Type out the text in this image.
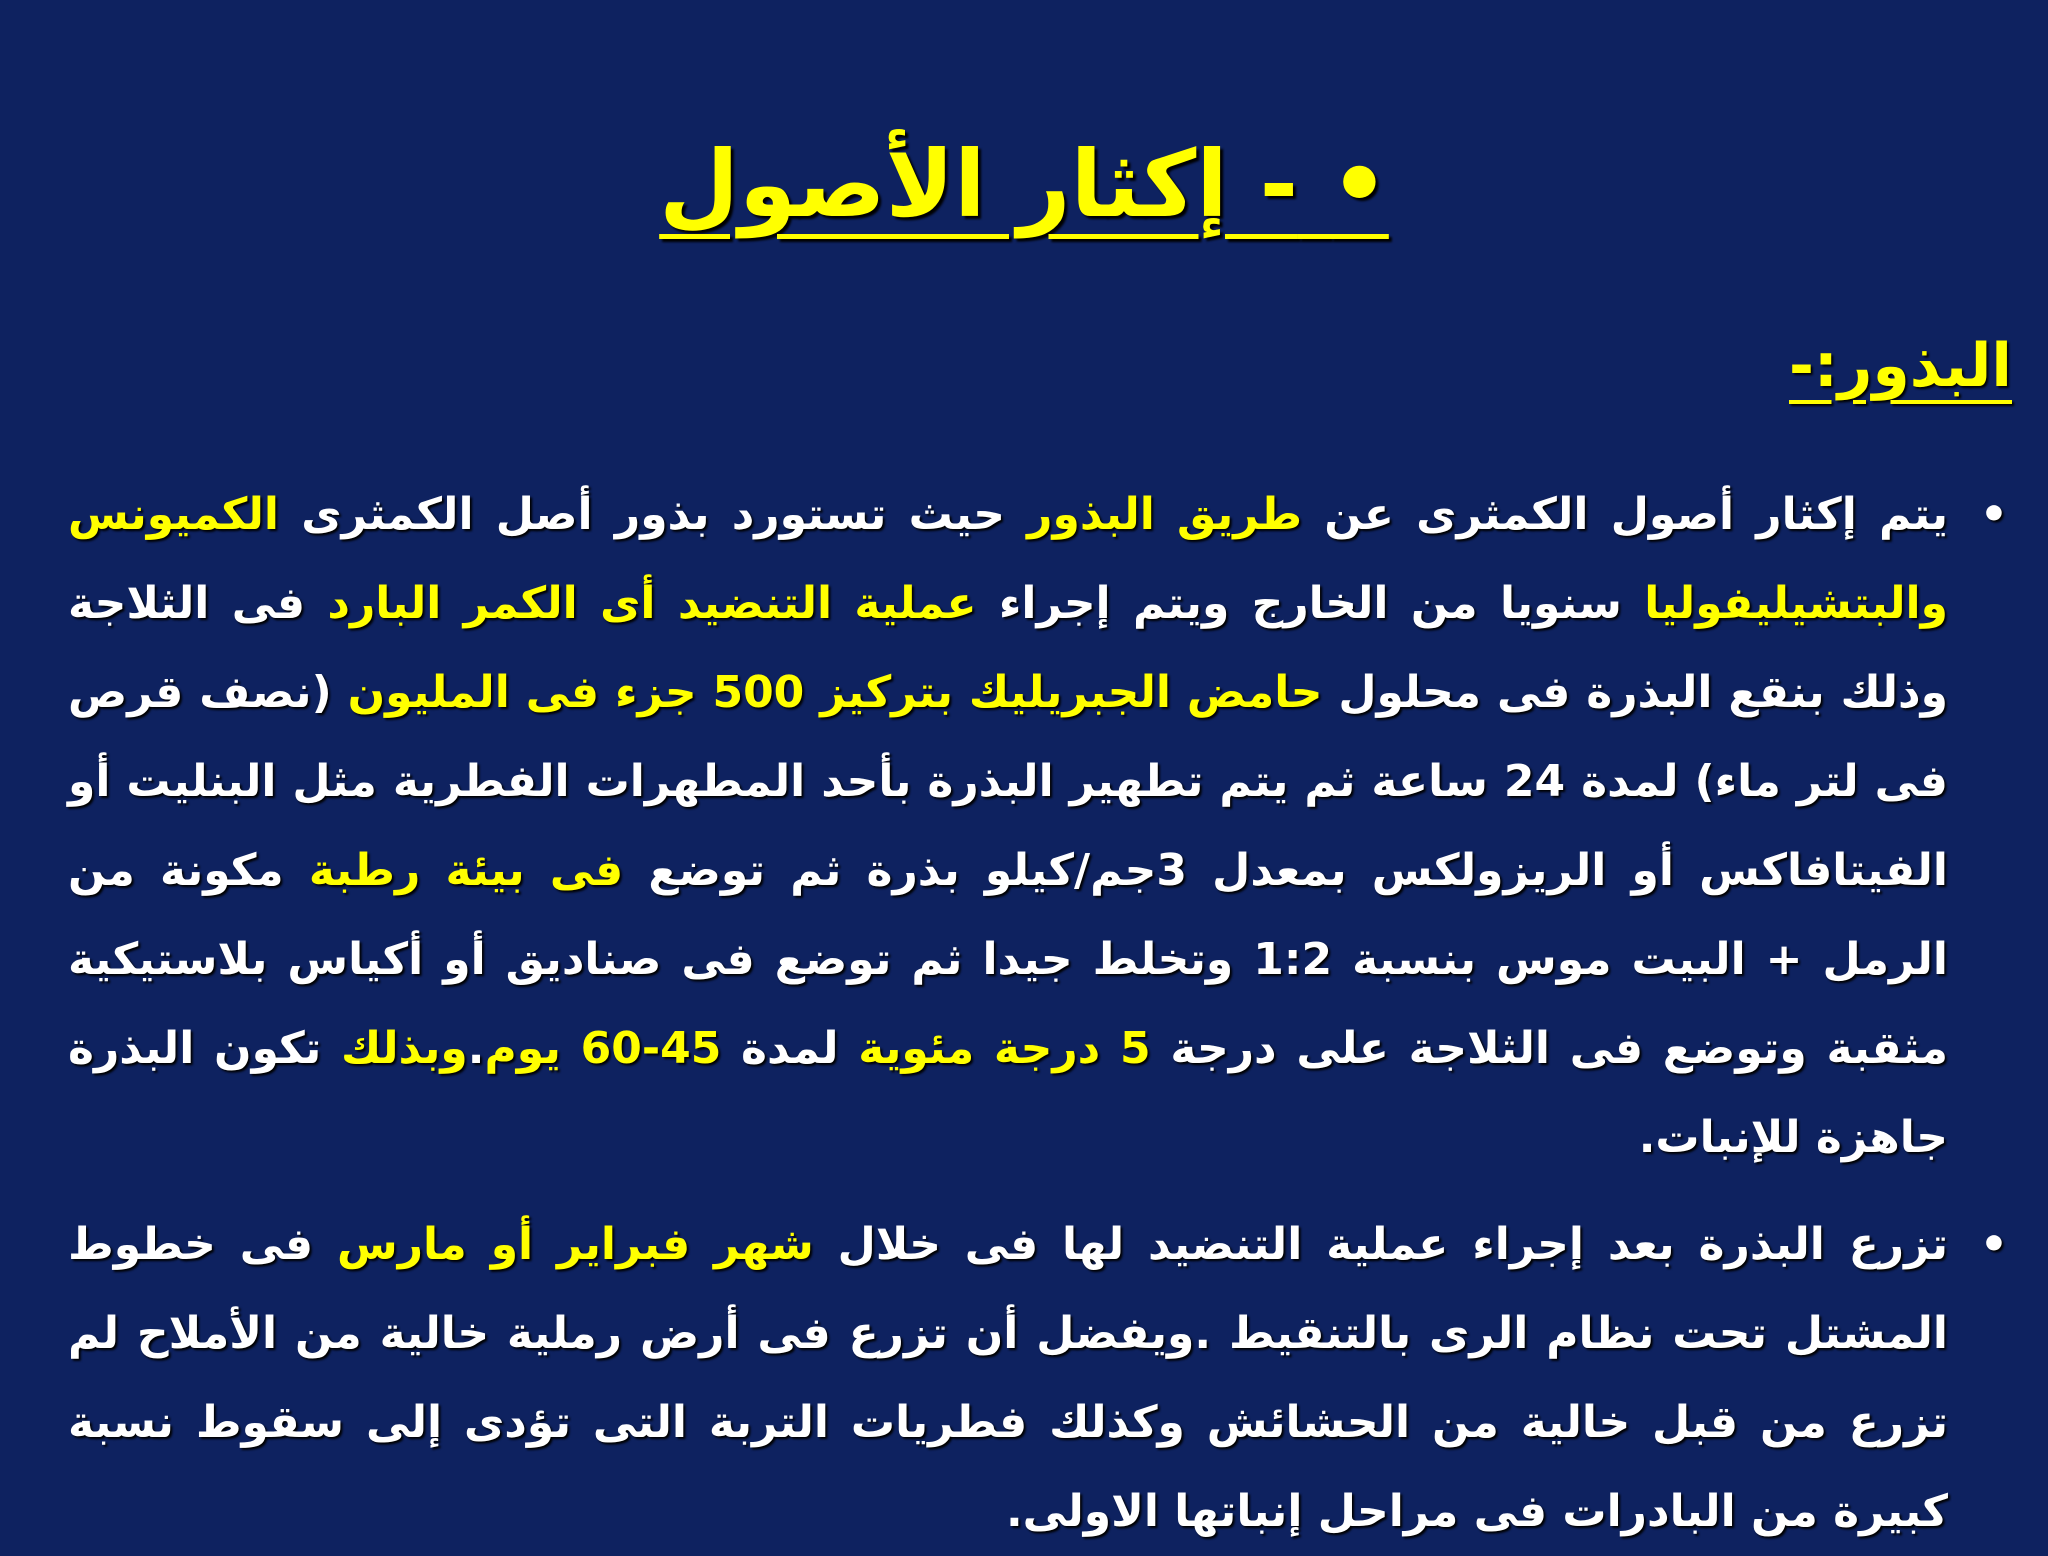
• - إكثار الأصول
البذور:-
•
يتم إكثار أصول الكمثرى عن طريق البذور حيث تستورد بذور أصل الكمثرى الكميونس والبتشيليفوليا سنويا من الخارج ويتم إجراء عملية التنضيد أى الكمر البارد فى الثلاجة وذلك بنقع البذرة فى محلول حامض الجبريليك بتركيز 500 جزء فى المليون (نصف قرص فى لتر ماء) لمدة 24 ساعة ثم يتم تطهير البذرة بأحد المطهرات الفطرية مثل البنليت أو الفيتافاكس أو الريزولكس بمعدل 3جم/كيلو بذرة ثم توضع فى بيئة رطبة مكونة من الرمل + البيت موس بنسبة 1:2 وتخلط جيدا ثم توضع فى صناديق أو أكياس بلاستيكية مثقبة وتوضع فى الثلاجة على درجة 5 درجة مئوية لمدة 45-60 يوم.وبذلك تكون البذرة جاهزة للإنبات.
•
تزرع البذرة بعد إجراء عملية التنضيد لها فى خلال شهر فبراير أو مارس فى خطوط المشتل تحت نظام الرى بالتنقيط .ويفضل أن تزرع فى أرض رملية خالية من الأملاح لم تزرع من قبل خالية من الحشائش وكذلك فطريات التربة التى تؤدى إلى سقوط نسبة كبيرة من البادرات فى مراحل إنباتها الاولى.
